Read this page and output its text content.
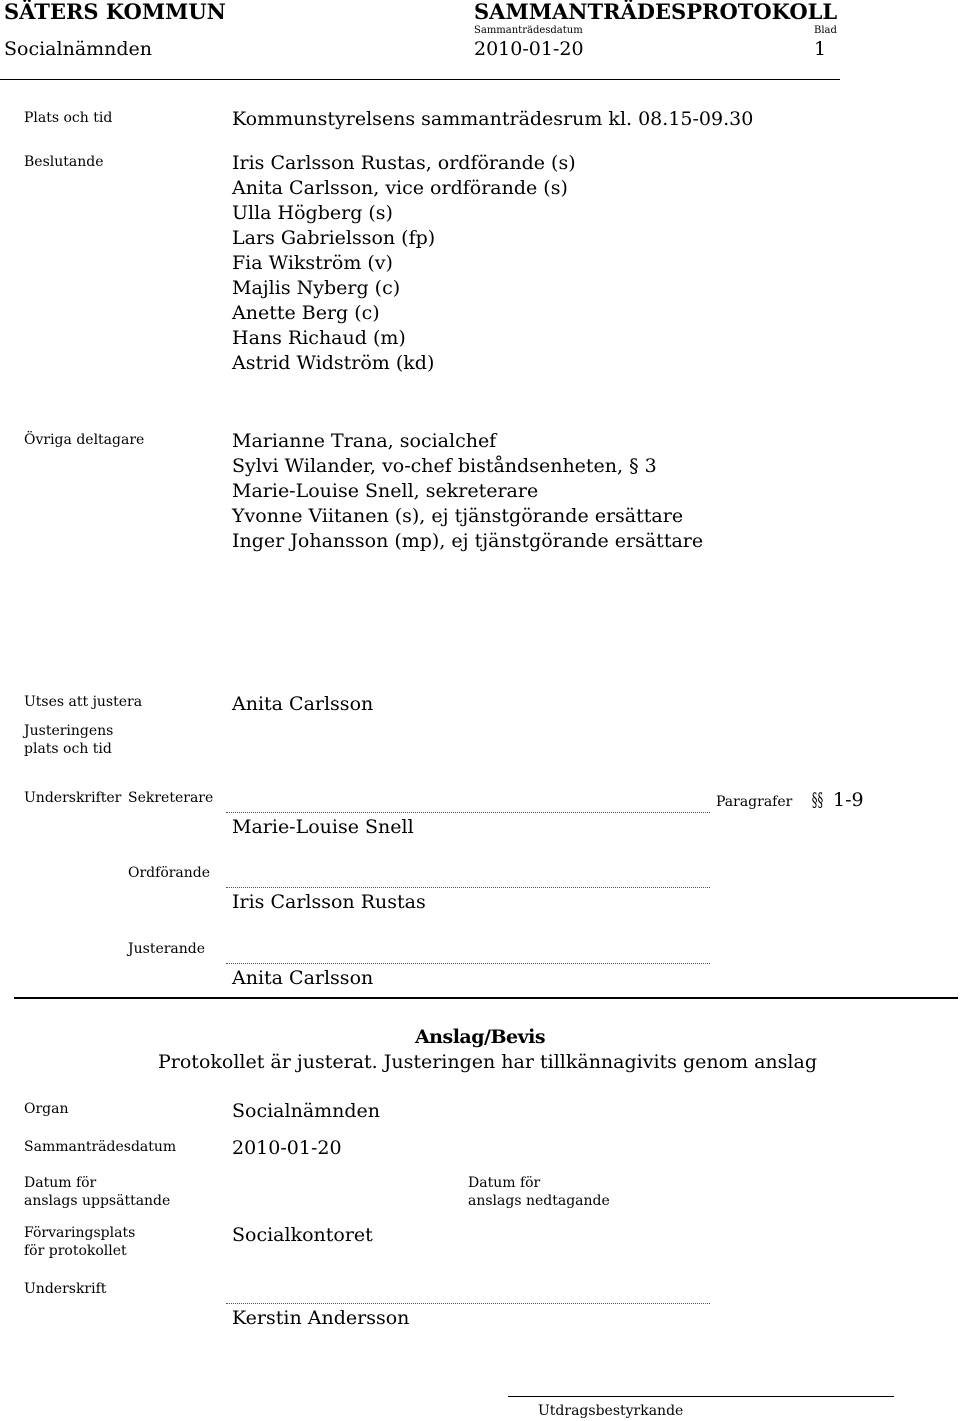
SÄTERS KOMMUN
Socialnämnden
SAMMANTRÄDESPROTOKOLL
Sammanträdesdatum
2010-01-20
Blad
1
Plats och tid	Kommunstyrelsens sammanträdesrum kl. 08.15-09.30
Beslutande	Iris Carlsson Rustas, ordförande (s)
Anita Carlsson, vice ordförande (s)
Ulla Högberg (s)
Lars Gabrielsson (fp)
Fia Wikström (v)
Majlis Nyberg (c)
Anette Berg (c)
Hans Richaud (m)
Astrid Widström (kd)
Övriga deltagare	Marianne Trana, socialchef
Sylvi Wilander, vo-chef biståndsenheten, § 3
Marie-Louise Snell, sekreterare
Yvonne Viitanen (s), ej tjänstgörande ersättare
Inger Johansson (mp), ej tjänstgörande ersättare
Utses att justera	Anita Carlsson
Justeringens
plats och tid
Underskrifter Sekreterare
Marie-Louise Snell
Paragrafer §§ 1-9
Ordförande
Iris Carlsson Rustas
Justerande
Anita Carlsson
Anslag/Bevis
Protokollet är justerat. Justeringen har tillkännagivits genom anslag
Organ	Socialnämnden
Sammanträdesdatum	2010-01-20
Datum för
anslags uppsättande
Datum för
anslags nedtagande
Förvaringsplats
för protokollet
Socialkontoret
Underskrift
Kerstin Andersson
Utdragsbestyrkande
